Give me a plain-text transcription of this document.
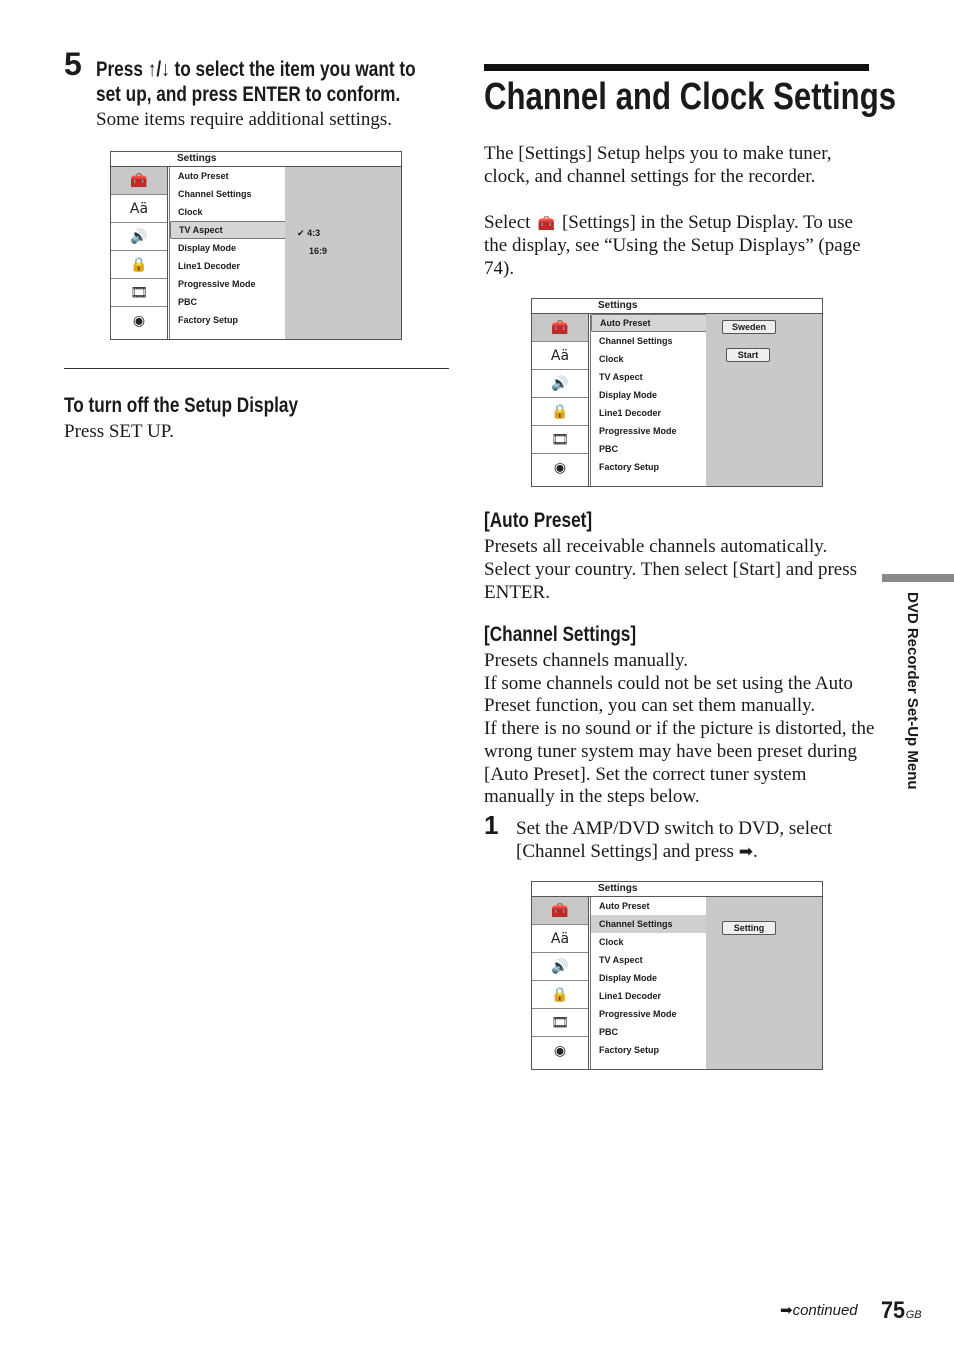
5 Press ↑/↓ to select the item you want to
set up, and press ENTER to conform.
Some items require additional settings.
Settings
🧰
Aä
🔊
🔒
🎞
◉
Auto Preset
Channel Settings
Clock
TV Aspect
Display Mode
Line1 Decoder
Progressive Mode
PBC
Factory Setup
✔ 4:3
16:9
To turn off the Setup Display
Press SET UP.
Channel and Clock Settings
The [Settings] Setup helps you to make tuner, clock, and channel settings for the recorder.
Select 🧰 [Settings] in the Setup Display. To use
the display, see “Using the Setup Displays” (page
74).
Settings
🧰
Aä
🔊
🔒
🎞
◉
Auto Preset
Channel Settings
Clock
TV Aspect
Display Mode
Line1 Decoder
Progressive Mode
PBC
Factory Setup
Sweden
Start
[Auto Preset]
Presets all receivable channels automatically.
Select your country. Then select [Start] and press
ENTER.
[Channel Settings]
Presets channels manually.
If some channels could not be set using the Auto
Preset function, you can set them manually.
If there is no sound or if the picture is distorted, the
wrong tuner system may have been preset during
[Auto Preset]. Set the correct tuner system
manually in the steps below.
1 Set the AMP/DVD switch to DVD, select
[Channel Settings] and press ➡.
Settings
🧰
Aä
🔊
🔒
🎞
◉
Auto Preset
Channel Settings
Clock
TV Aspect
Display Mode
Line1 Decoder
Progressive Mode
PBC
Factory Setup
Setting
DVD Recorder Set-Up Menu
➡continued 75GB
